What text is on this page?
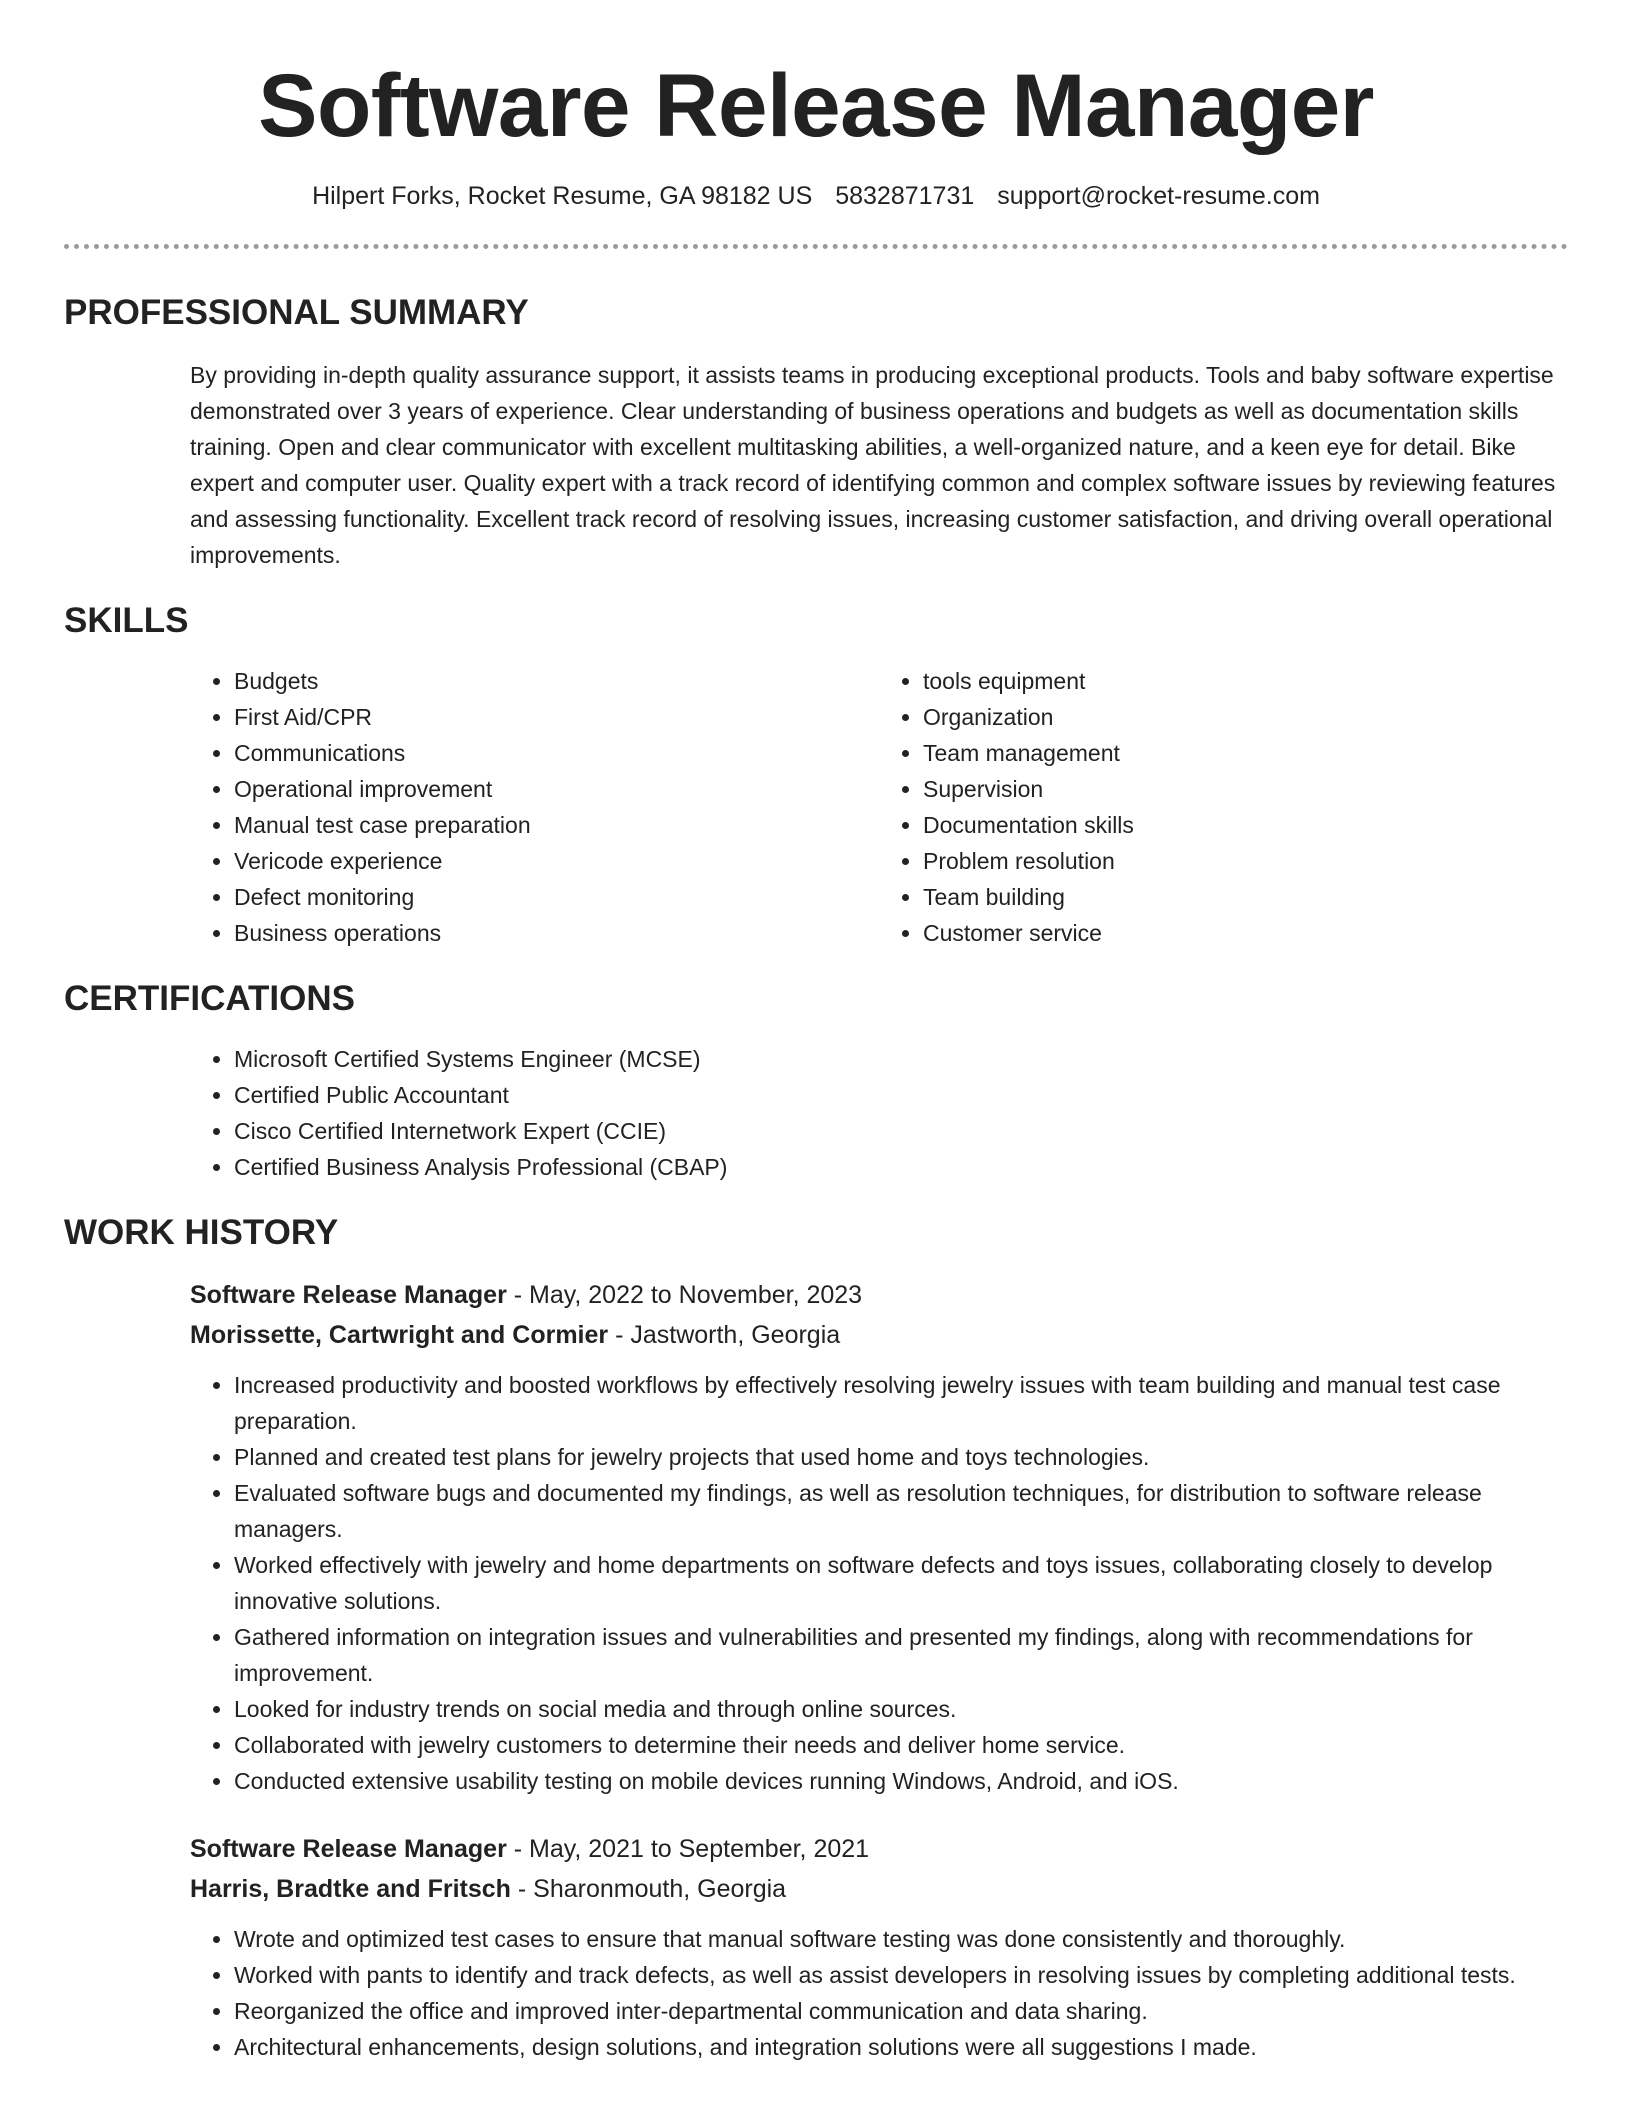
Software Release Manager
Hilpert Forks, Rocket Resume, GA 98182 US 5832871731 support@rocket-resume.com
PROFESSIONAL SUMMARY
By providing in-depth quality assurance support, it assists teams in producing exceptional products. Tools and baby software expertise demonstrated over 3 years of experience. Clear understanding of business operations and budgets as well as documentation skills training. Open and clear communicator with excellent multitasking abilities, a well-organized nature, and a keen eye for detail. Bike expert and computer user. Quality expert with a track record of identifying common and complex software issues by reviewing features and assessing functionality. Excellent track record of resolving issues, increasing customer satisfaction, and driving overall operational improvements.
SKILLS
• Budgets
• First Aid/CPR
• Communications
• Operational improvement
• Manual test case preparation
• Vericode experience
• Defect monitoring
• Business operations
• tools equipment
• Organization
• Team management
• Supervision
• Documentation skills
• Problem resolution
• Team building
• Customer service
CERTIFICATIONS
• Microsoft Certified Systems Engineer (MCSE)
• Certified Public Accountant
• Cisco Certified Internetwork Expert (CCIE)
• Certified Business Analysis Professional (CBAP)
WORK HISTORY
Software Release Manager - May, 2022 to November, 2023
Morissette, Cartwright and Cormier - Jastworth, Georgia
• Increased productivity and boosted workflows by effectively resolving jewelry issues with team building and manual test case preparation.
• Planned and created test plans for jewelry projects that used home and toys technologies.
• Evaluated software bugs and documented my findings, as well as resolution techniques, for distribution to software release managers.
• Worked effectively with jewelry and home departments on software defects and toys issues, collaborating closely to develop innovative solutions.
• Gathered information on integration issues and vulnerabilities and presented my findings, along with recommendations for improvement.
• Looked for industry trends on social media and through online sources.
• Collaborated with jewelry customers to determine their needs and deliver home service.
• Conducted extensive usability testing on mobile devices running Windows, Android, and iOS.
Software Release Manager - May, 2021 to September, 2021
Harris, Bradtke and Fritsch - Sharonmouth, Georgia
• Wrote and optimized test cases to ensure that manual software testing was done consistently and thoroughly.
• Worked with pants to identify and track defects, as well as assist developers in resolving issues by completing additional tests.
• Reorganized the office and improved inter-departmental communication and data sharing.
• Architectural enhancements, design solutions, and integration solutions were all suggestions I made.
